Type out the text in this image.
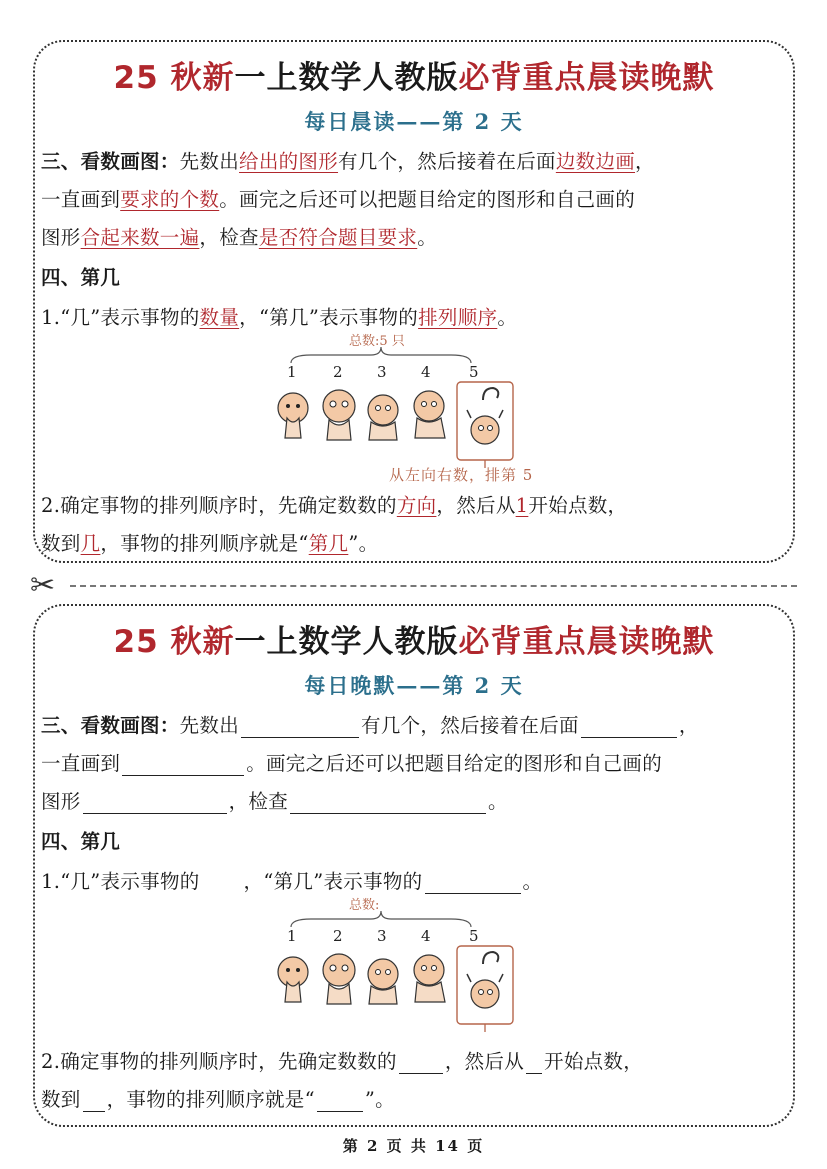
25 秋新一上数学人教版必背重点晨读晚默
每日晨读——第 2 天
三、看数画图：先数出给出的图形有几个，然后接着在后面边数边画，
一直画到要求的个数。画完之后还可以把题目给定的图形和自己画的
图形合起来数一遍，检查是否符合题目要求。
四、第几
1.“几”表示事物的数量，“第几”表示事物的排列顺序。
总数:5 只
1 2 3 4	5
从左向右数，排第 5
2.确定事物的排列顺序时，先确定数数的方向，然后从1开始点数，
数到几，事物的排列顺序就是“第几”。
✂
25 秋新一上数学人教版必背重点晨读晚默
每日晚默——第 2 天
三、看数画图：先数出	有几个，然后接着在后面	，
一直画到	。画完之后还可以把题目给定的图形和自己画的
图形	，检查	。
四、第几
1.“几”表示事物的 ，“第几”表示事物的	。
总数:
1 2 3 4	5
2.确定事物的排列顺序时，先确定数数的 ，然后从 开始点数，
数到 ，事物的排列顺序就是“	”。
第 2 页 共 14 页
